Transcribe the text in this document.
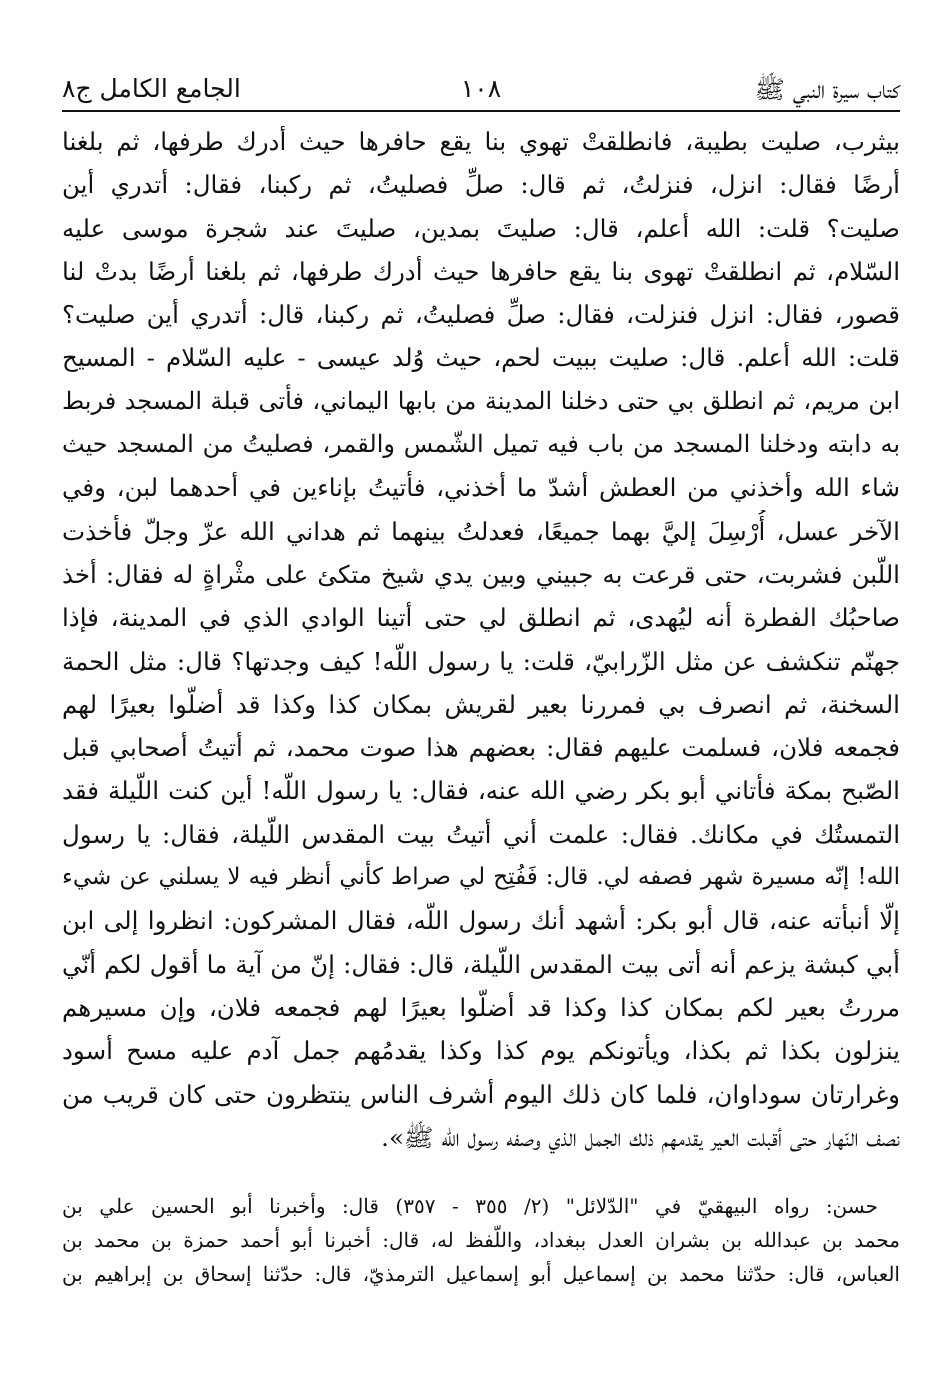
كتاب سيرة النبي ﷺ
١٠٨
الجامع الكامل ج٨
بيثرب، صليت بطيبة، فانطلقتْ تهوي بنا يقع حافرها حيث أدرك طرفها، ثم بلغنا
أرضًا فقال: انزل، فنزلتُ، ثم قال: صلِّ فصليتُ، ثم ركبنا، فقال: أتدري أين
صليت؟ قلت: الله أعلم، قال: صليتَ بمدين، صليتَ عند شجرة موسى عليه
السّلام، ثم انطلقتْ تهوى بنا يقع حافرها حيث أدرك طرفها، ثم بلغنا أرضًا بدتْ لنا
قصور، فقال: انزل فنزلت، فقال: صلِّ فصليتُ، ثم ركبنا، قال: أتدري أين صليت؟
قلت: الله أعلم. قال: صليت ببيت لحم، حيث وُلد عيسى - عليه السّلام - المسيح
ابن مريم، ثم انطلق بي حتى دخلنا المدينة من بابها اليماني، فأتى قبلة المسجد فربط
به دابته ودخلنا المسجد من باب فيه تميل الشّمس والقمر، فصليتُ من المسجد حيث
شاء الله وأخذني من العطش أشدّ ما أخذني، فأتيتُ بإناءين في أحدهما لبن، وفي
الآخر عسل، أُرْسِلَ إليَّ بهما جميعًا، فعدلتُ بينهما ثم هداني الله عزّ وجلّ فأخذت
اللّبن فشربت، حتى قرعت به جبيني وبين يدي شيخ متكئ على مثْراةٍ له فقال: أخذ
صاحبُك الفطرة أنه ليُهدى، ثم انطلق لي حتى أتينا الوادي الذي في المدينة، فإذا
جهنّم تنكشف عن مثل الزّرابيّ، قلت: يا رسول اللّه! كيف وجدتها؟ قال: مثل الحمة
السخنة، ثم انصرف بي فمررنا بعير لقريش بمكان كذا وكذا قد أضلّوا بعيرًا لهم
فجمعه فلان، فسلمت عليهم فقال: بعضهم هذا صوت محمد، ثم أتيتُ أصحابي قبل
الصّبح بمكة فأتاني أبو بكر رضي الله عنه، فقال: يا رسول اللّه! أين كنت اللّيلة فقد
التمستُك في مكانك. فقال: علمت أني أتيتُ بيت المقدس اللّيلة، فقال: يا رسول
الله! إنّه مسيرة شهر فصفه لي. قال: فَفُتِح لي صراط كأني أنظر فيه لا يسلني عن شيء
إلّا أنبأته عنه، قال أبو بكر: أشهد أنك رسول اللّه، فقال المشركون: انظروا إلى ابن
أبي كبشة يزعم أنه أتى بيت المقدس اللّيلة، قال: فقال: إنّ من آية ما أقول لكم أنّي
مررتُ بعير لكم بمكان كذا وكذا قد أضلّوا بعيرًا لهم فجمعه فلان، وإن مسيرهم
ينزلون بكذا ثم بكذا، ويأتونكم يوم كذا وكذا يقدمُهم جمل آدم عليه مسح أسود
وغرارتان سوداوان، فلما كان ذلك اليوم أشرف الناس ينتظرون حتى كان قريب من
نصف النّهار حتى أقبلت العير يقدمهم ذلك الجمل الذي وصفه رسول الله ﷺ».
حسن: رواه البيهقيّ في "الدّلائل" (٢/ ٣٥٥ - ٣٥٧) قال: وأخبرنا أبو الحسين علي بن
محمد بن عبدالله بن بشران العدل ببغداد، واللّفظ له، قال: أخبرنا أبو أحمد حمزة بن محمد بن
العباس، قال: حدّثنا محمد بن إسماعيل أبو إسماعيل الترمذيّ، قال: حدّثنا إسحاق بن إبراهيم بن
